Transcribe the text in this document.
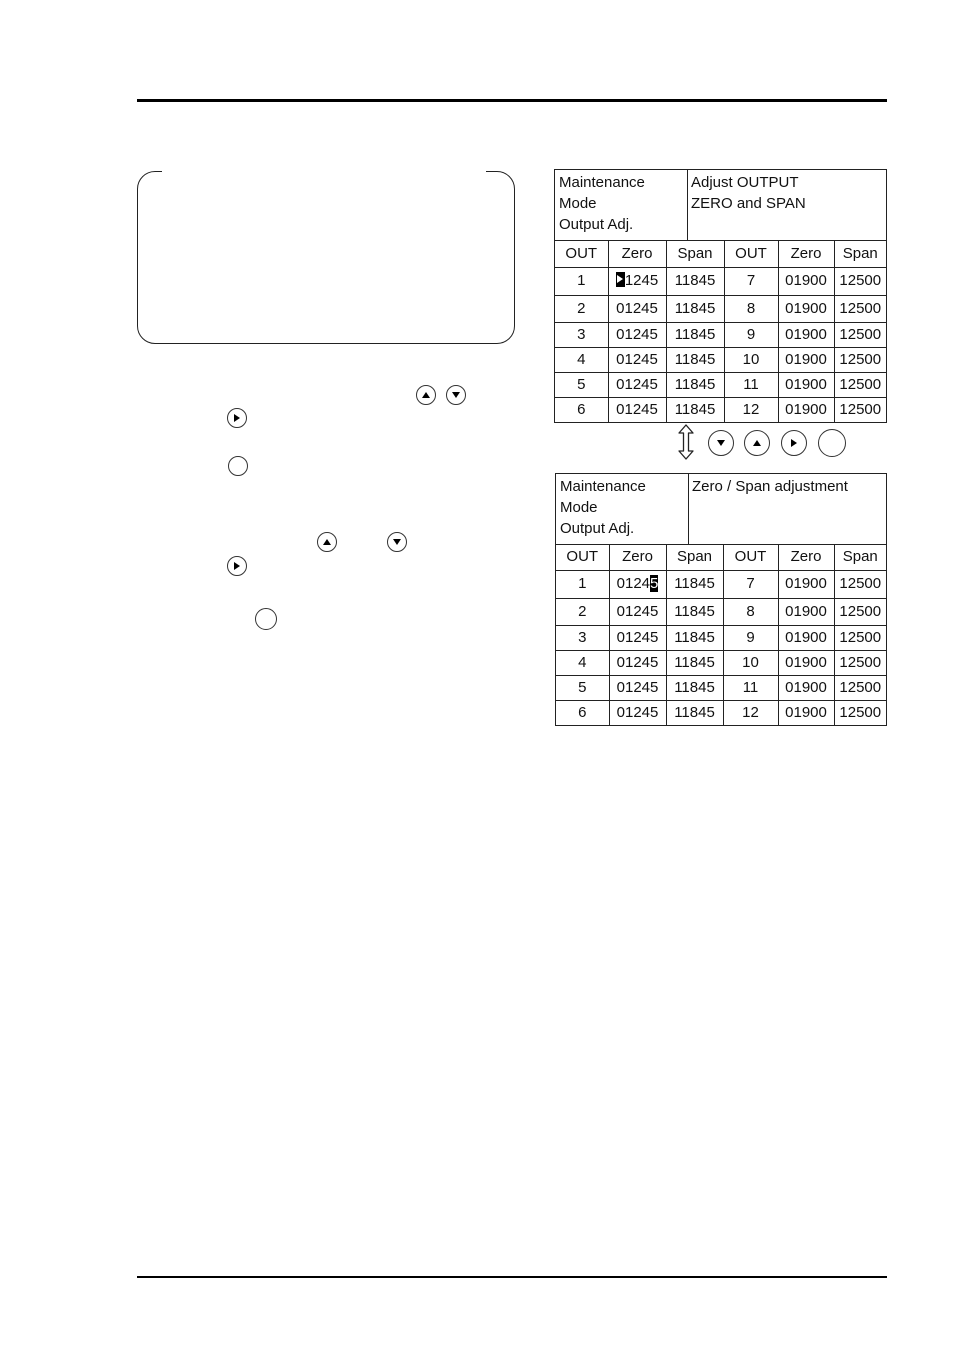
Maintenance
Mode
Output Adj.
Adjust OUTPUT
ZERO and SPAN
OUT	Zero	Span	OUT	Zero	Span
1	1245	11845	7	01900	12500
2	01245	11845	8	01900	12500
3	01245	11845	9	01900	12500
4	01245	11845	10	01900	12500
5	01245	11845	11	01900	12500
6	01245	11845	12	01900	12500
Maintenance
Mode
Output Adj.
Zero / Span adjustment
OUT	Zero	Span	OUT	Zero	Span
1	01245	11845	7	01900	12500
2	01245	11845	8	01900	12500
3	01245	11845	9	01900	12500
4	01245	11845	10	01900	12500
5	01245	11845	11	01900	12500
6	01245	11845	12	01900	12500
